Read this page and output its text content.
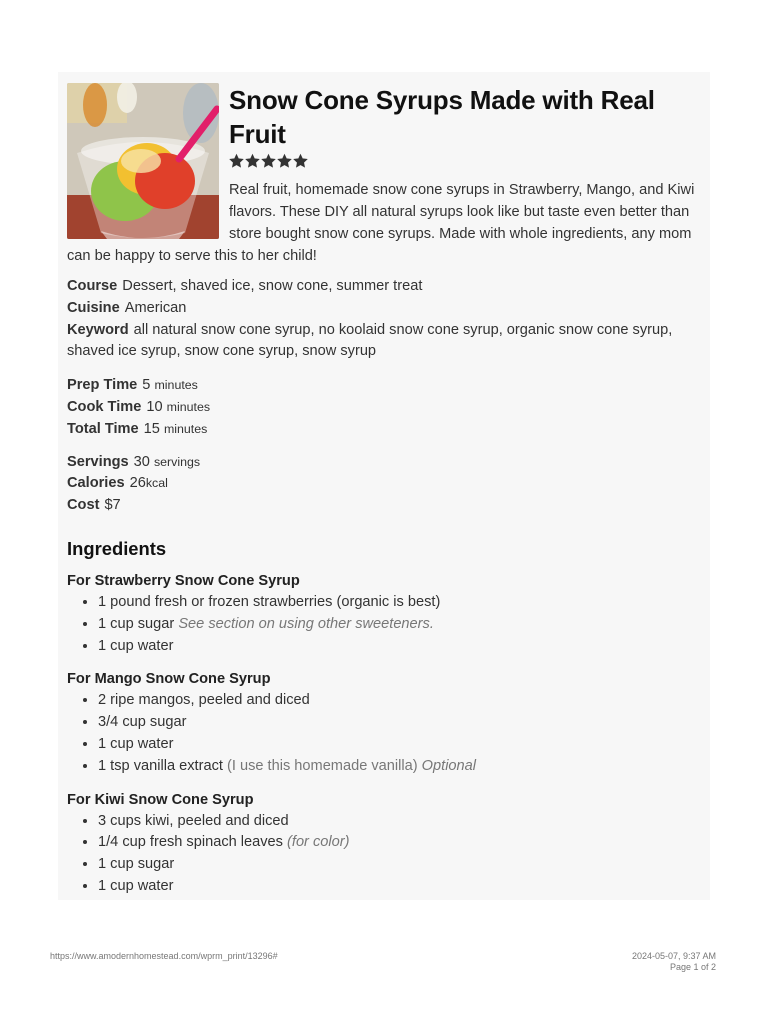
Snow Cone Syrups Made with Real Fruit

Real fruit, homemade snow cone syrups in Strawberry, Mango, and Kiwi flavors. These DIY all natural syrups look like but taste even better than store bought snow cone syrups. Made with whole ingredients, any mom can be happy to serve this to her child!

Course Dessert, shaved ice, snow cone, summer treat
Cuisine American
Keyword all natural snow cone syrup, no koolaid snow cone syrup, organic snow cone syrup, shaved ice syrup, snow cone syrup, snow syrup
Prep Time 5 minutes
Cook Time 10 minutes
Total Time 15 minutes
Servings 30 servings
Calories 26kcal
Cost $7
Ingredients
For Strawberry Snow Cone Syrup
• 1 pound fresh or frozen strawberries (organic is best)
• 1 cup sugar See section on using other sweeteners.
• 1 cup water
For Mango Snow Cone Syrup
• 2 ripe mangos, peeled and diced
• 3/4 cup sugar
• 1 cup water
• 1 tsp vanilla extract (I use this homemade vanilla) Optional
For Kiwi Snow Cone Syrup
• 3 cups kiwi, peeled and diced
• 1/4 cup fresh spinach leaves (for color)
• 1 cup sugar
• 1 cup water
https://www.amodernhomestead.com/wprm_print/13296#	2024-05-07, 9:37 AM
Page 1 of 2
